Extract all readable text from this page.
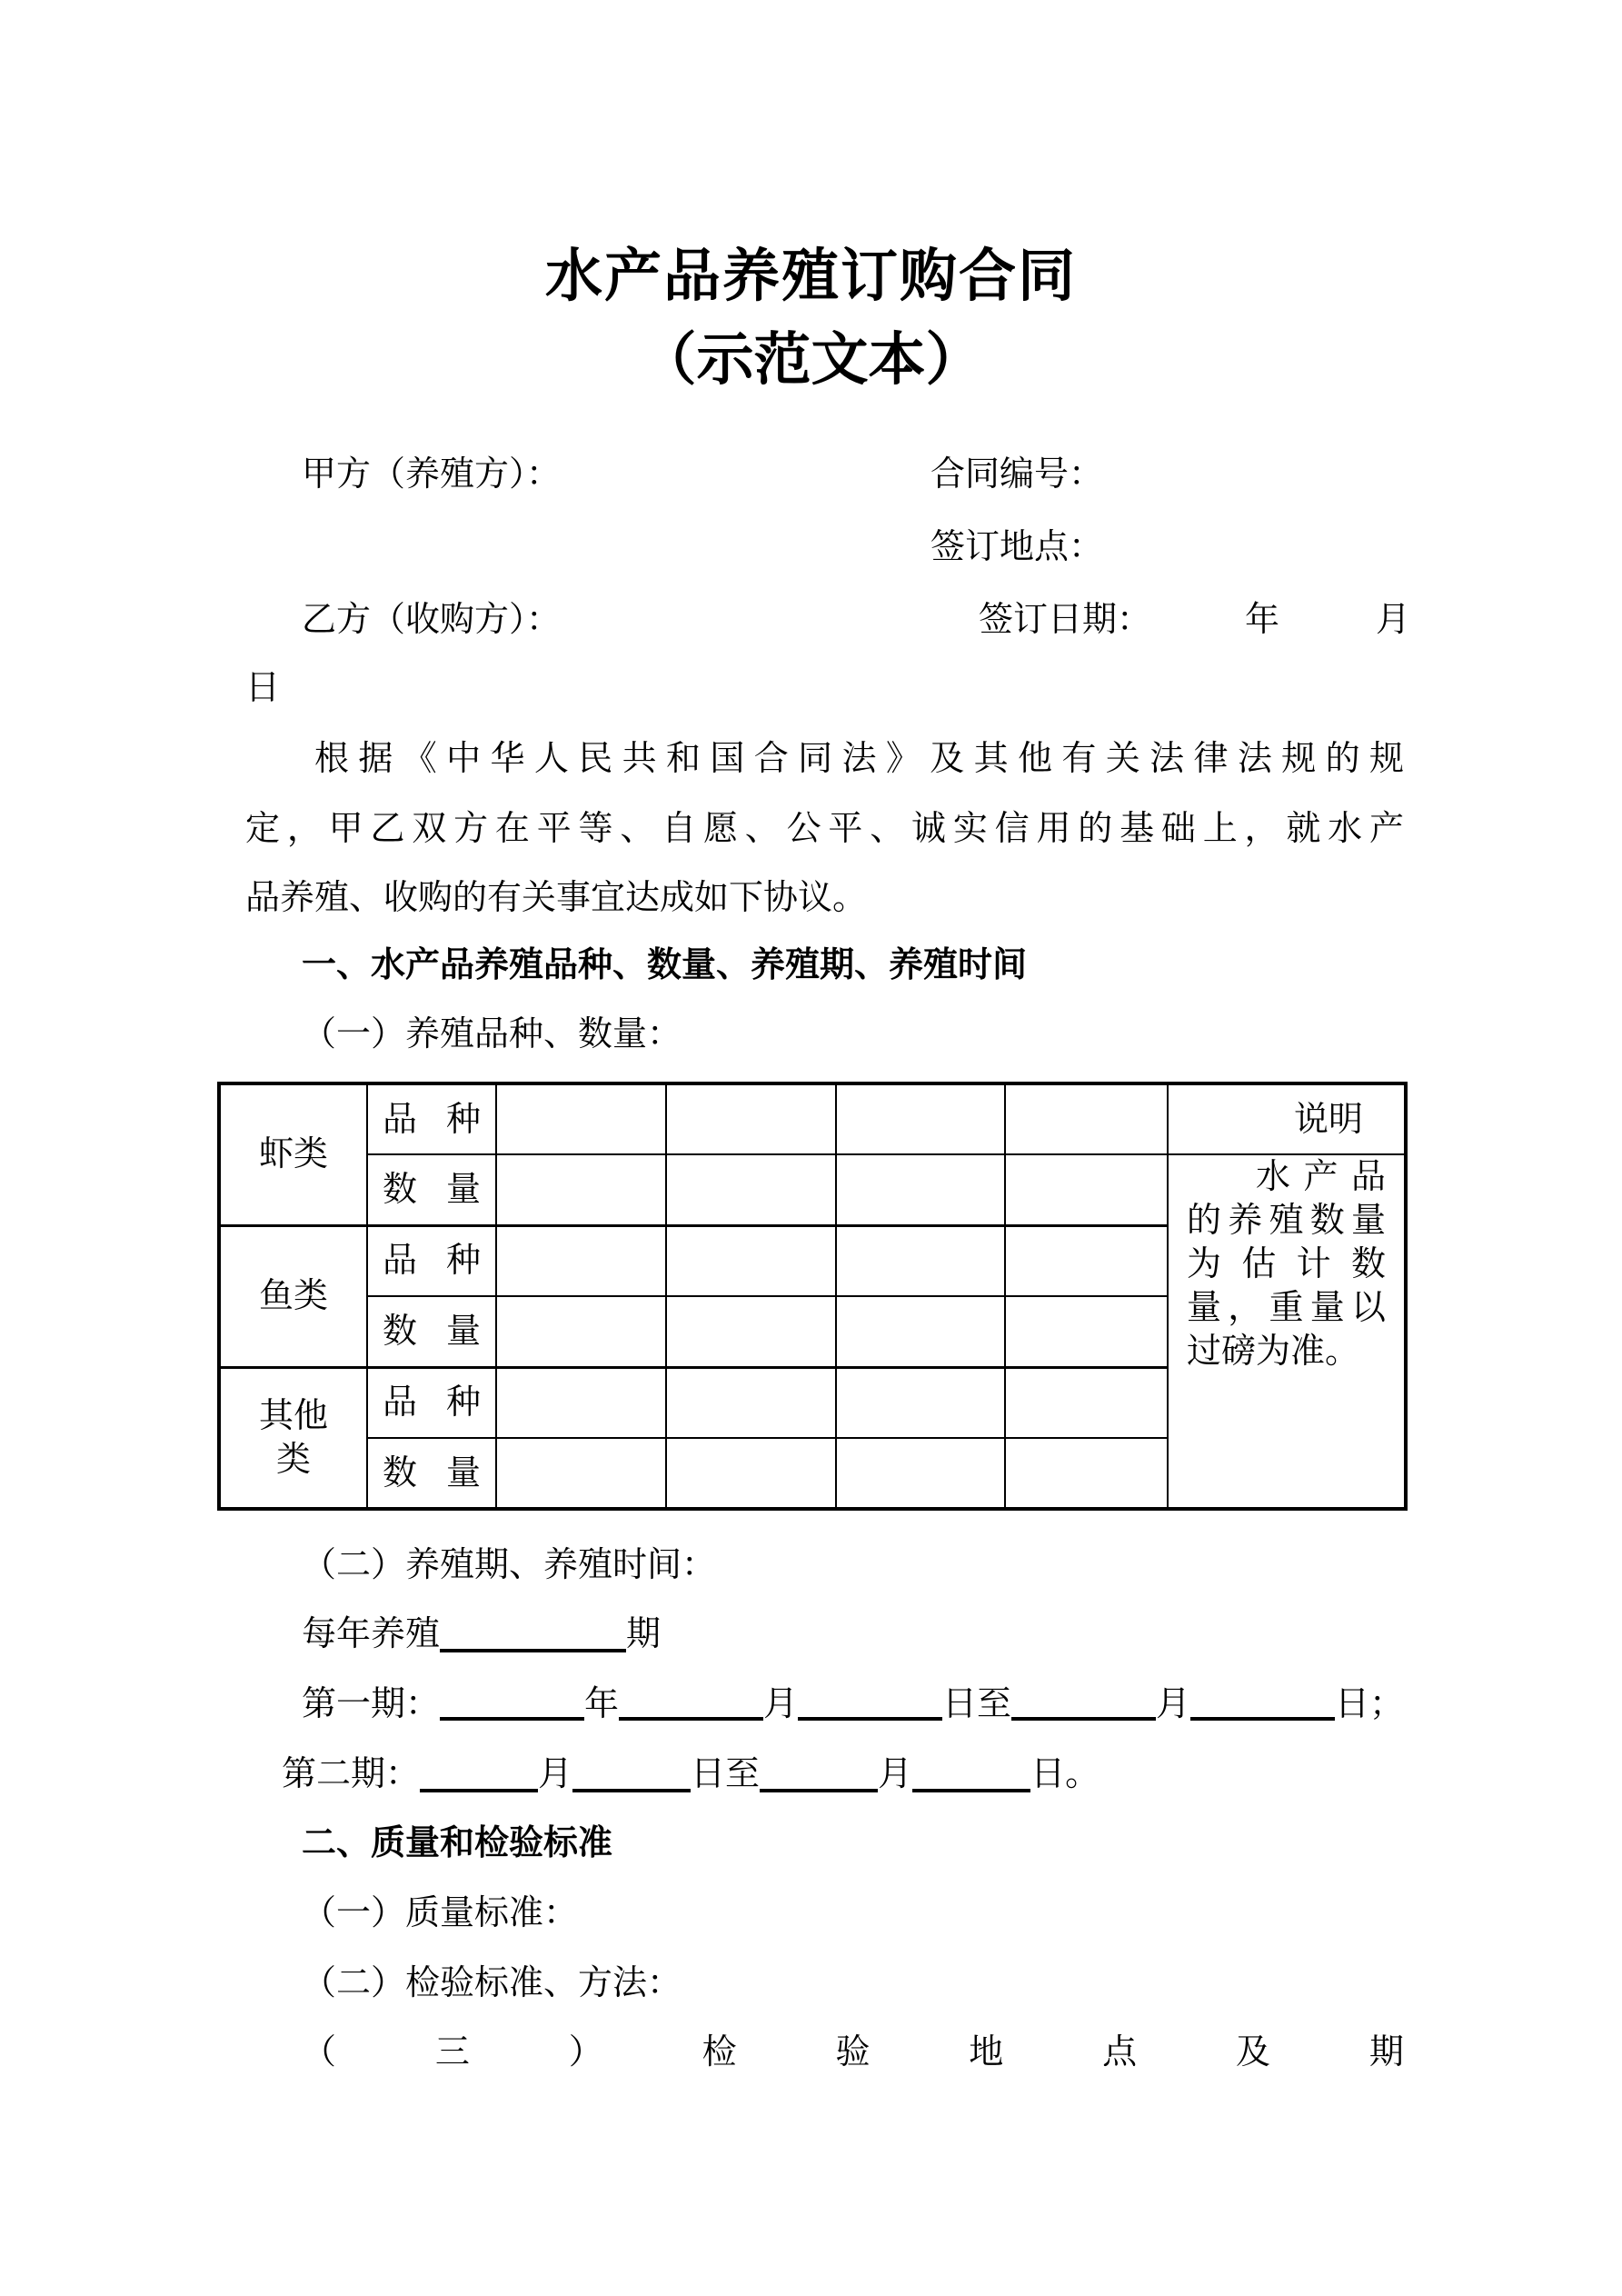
水产品养殖订购合同
（示范文本）
甲方（养殖方）：	合同编号：
签订地点：
乙方（收购方）：	签订日期：	年	月
日
根据《中华人民共和国合同法》及其他有关法律法规的规
定，甲乙双方在平等、自愿、公平、诚实信用的基础上，就水产
品养殖、收购的有关事宜达成如下协议。
一、水产品养殖品种、数量、养殖期、养殖时间
（一）养殖品种、数量：
虾类	品种					说明
	数量					水产品的养殖数量为估计数量，重量以过磅为准。
鱼类	品种					
	数量					
其他类	品种					
	数量					
（二）养殖期、养殖时间：
每年养殖	期
第一期：	年	月	日至	月	日；
第二期：	月	日至	月	日。
二、质量和检验标准
（一）质量标准：
（二）检验标准、方法：
（	三	）	检	验	地	点	及	期
